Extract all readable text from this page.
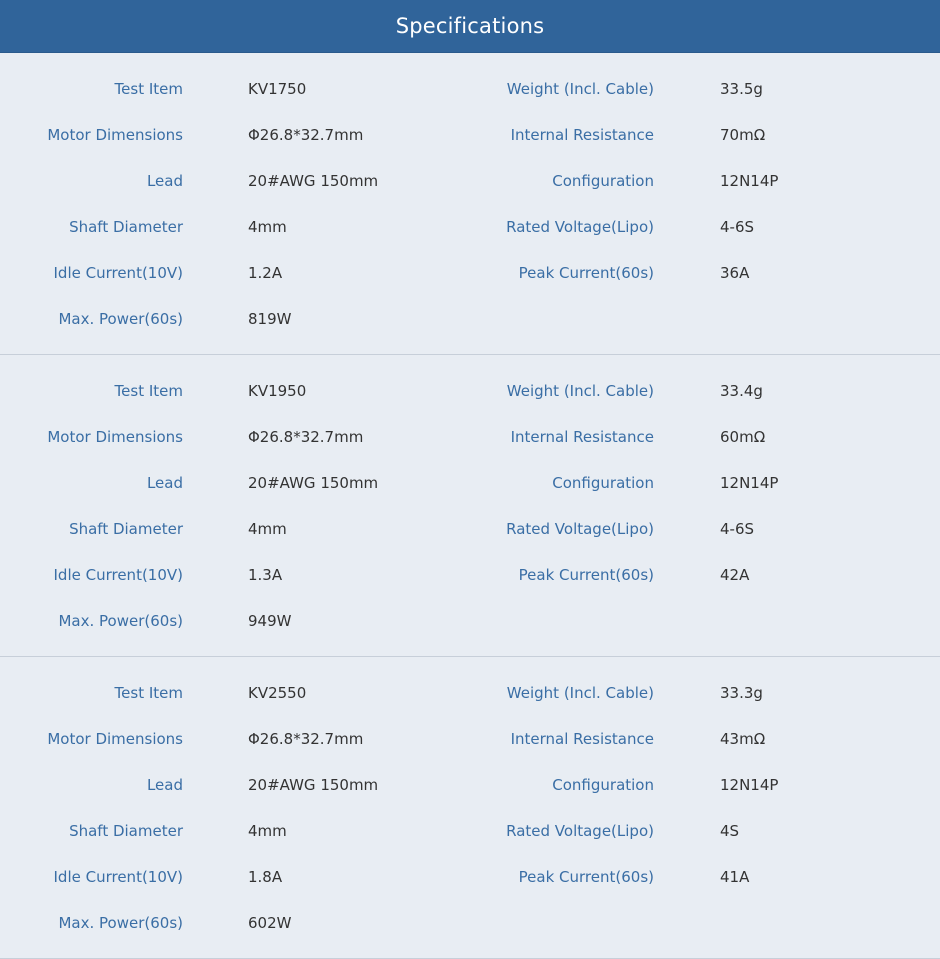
Specifications
Test Item	KV1750	Weight (Incl. Cable)	33.5g
Motor Dimensions	Φ26.8*32.7mm	Internal Resistance	70mΩ
Lead	20#AWG 150mm	Configuration	12N14P
Shaft Diameter	4mm	Rated Voltage(Lipo)	4-6S
Idle Current(10V)	1.2A	Peak Current(60s)	36A
Max. Power(60s)	819W
Test Item	KV1950	Weight (Incl. Cable)	33.4g
Motor Dimensions	Φ26.8*32.7mm	Internal Resistance	60mΩ
Lead	20#AWG 150mm	Configuration	12N14P
Shaft Diameter	4mm	Rated Voltage(Lipo)	4-6S
Idle Current(10V)	1.3A	Peak Current(60s)	42A
Max. Power(60s)	949W
Test Item	KV2550	Weight (Incl. Cable)	33.3g
Motor Dimensions	Φ26.8*32.7mm	Internal Resistance	43mΩ
Lead	20#AWG 150mm	Configuration	12N14P
Shaft Diameter	4mm	Rated Voltage(Lipo)	4S
Idle Current(10V)	1.8A	Peak Current(60s)	41A
Max. Power(60s)	602W
